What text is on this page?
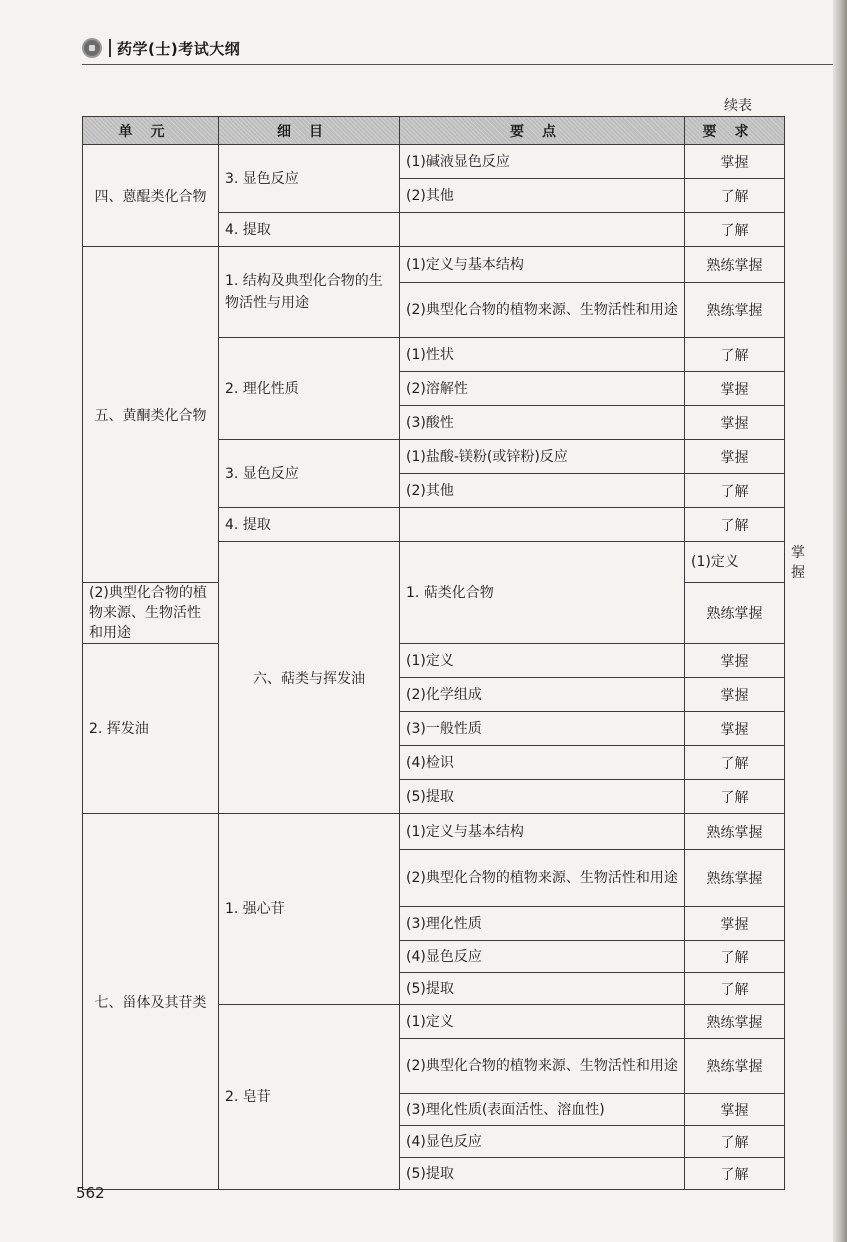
药学(士)考试大纲
续表
单元	细目	要点	要求	
四、蒽醌类化合物	3. 显色反应	(1)碱液显色反应	掌握	
		(2)其他	了解	
	4. 提取		了解	
五、黄酮类化合物	1. 结构及典型化合物的生物活性与用途	(1)定义与基本结构	熟练掌握	
		(2)典型化合物的植物来源、生物活性和用途	熟练掌握	
	2. 理化性质	(1)性状	了解	
		(2)溶解性	掌握	
		(3)酸性	掌握	
	3. 显色反应	(1)盐酸-镁粉(或锌粉)反应	掌握	
		(2)其他	了解	
	4. 提取		了解	
	六、萜类与挥发油	1. 萜类化合物	(1)定义	掌握
(2)典型化合物的植物来源、生物活性和用途			熟练掌握	
2. 挥发油		(1)定义	掌握	
		(2)化学组成	掌握	
		(3)一般性质	掌握	
		(4)检识	了解	
		(5)提取	了解	
七、甾体及其苷类	1. 强心苷	(1)定义与基本结构	熟练掌握	
		(2)典型化合物的植物来源、生物活性和用途	熟练掌握	
		(3)理化性质	掌握	
		(4)显色反应	了解	
		(5)提取	了解	
	2. 皂苷	(1)定义	熟练掌握	
		(2)典型化合物的植物来源、生物活性和用途	熟练掌握	
		(3)理化性质(表面活性、溶血性)	掌握	
		(4)显色反应	了解	
		(5)提取	了解	
562
